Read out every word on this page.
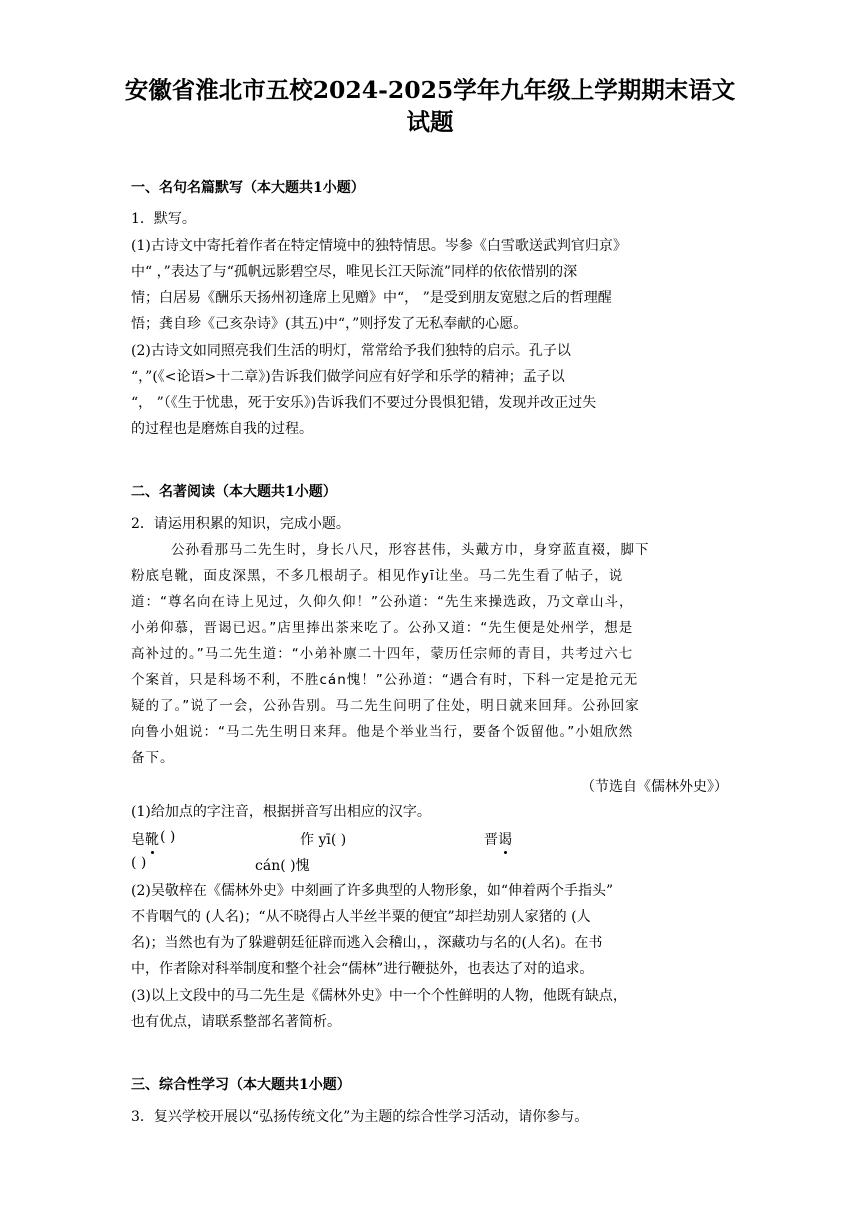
安徽省淮北市五校2024-2025学年九年级上学期期末语文
试题
一、名句名篇默写（本大题共1小题）
1．默写。
(1)古诗文中寄托着作者在特定情境中的独特情思。岑参《白雪歌送武判官归京》
中“ ，”表达了与“孤帆远影碧空尽，唯见长江天际流”同样的依依惜别的深
情；白居易《酬乐天扬州初逢席上见赠》中“， ”是受到朋友宽慰之后的哲理醒
悟；龚自珍《己亥杂诗》(其五)中“，”则抒发了无私奉献的心愿。
(2)古诗文如同照亮我们生活的明灯，常常给予我们独特的启示。孔子以
“，”(《<论语>十二章》)告诉我们做学问应有好学和乐学的精神；孟子以
“， ”（《生于忧患，死于安乐》)告诉我们不要过分畏惧犯错，发现并改正过失
的过程也是磨炼自我的过程。
二、名著阅读（本大题共1小题）
2．请运用积累的知识，完成小题。
公孙看那马二先生时，身长八尺，形容甚伟，头戴方巾，身穿蓝直裰，脚下
粉底皂靴，面皮深黑，不多几根胡子。相见作yī让坐。马二先生看了帖子，说
道：“尊名向在诗上见过，久仰久仰！”公孙道：“先生来操选政，乃文章山斗，
小弟仰慕，晋谒已迟。”店里捧出茶来吃了。公孙又道：“先生便是处州学，想是
高补过的。”马二先生道：“小弟补廪二十四年，蒙历任宗师的青目，共考过六七
个案首，只是科场不利，不胜cán愧！”公孙道：“遇合有时，下科一定是抢元无
疑的了。”说了一会，公孙告别。马二先生问明了住处，明日就来回拜。公孙回家
向鲁小姐说：“马二先生明日来拜。他是个举业当行，要备个饭留他。”小姐欣然
备下。
（节选自《儒林外史》）
(1)给加点的字注音，根据拼音写出相应的汉字。
皂 靴 ( )	作 yī( )	晋 谒
( )	cán( )愧
(2)吴敬梓在《儒林外史》中刻画了许多典型的人物形象，如“伸着两个手指头”
不肯咽气的 (人名)；“从不晓得占人半丝半粟的便宜”却拦劫别人家猪的 (人
名)；当然也有为了躲避朝廷征辟而逃入会稽山，，深藏功与名的(人名)。在书
中，作者除对科举制度和整个社会“儒林”进行鞭挞外，也表达了对的追求。
(3)以上文段中的马二先生是《儒林外史》中一个个性鲜明的人物，他既有缺点，
也有优点，请联系整部名著简析。
三、综合性学习（本大题共1小题）
3．复兴学校开展以“弘扬传统文化”为主题的综合性学习活动，请你参与。
